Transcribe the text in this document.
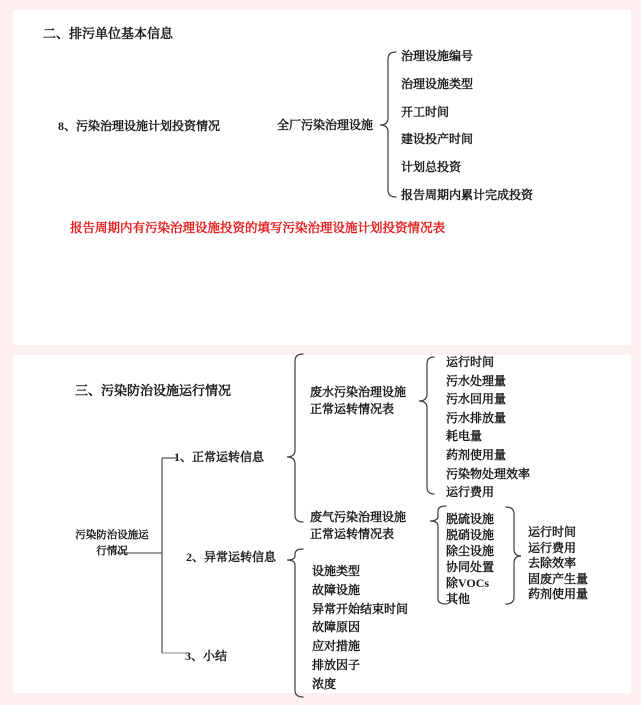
二、排污单位基本信息
8、污染治理设施计划投资情况	全厂污染治理设施
治理设施编号
治理设施类型
开工时间
建设投产时间
计划总投资
报告周期内累计完成投资
报告周期内有污染治理设施投资的填写污染治理设施计划投资情况表
三、污染防治设施运行情况
污染防治设施运
行情况
1、正常运转信息
2、异常运转信息
3、小结
废水污染治理设施
正常运转情况表
运行时间
污水处理量
污水回用量
污水排放量
耗电量
药剂使用量
污染物处理效率
运行费用
废气污染治理设施
正常运转情况表
脱硫设施
脱硝设施
除尘设施
协同处置
除VOCs
其他
运行时间
运行费用
去除效率
固废产生量
药剂使用量
设施类型
故障设施
异常开始结束时间
故障原因
应对措施
排放因子
浓度
